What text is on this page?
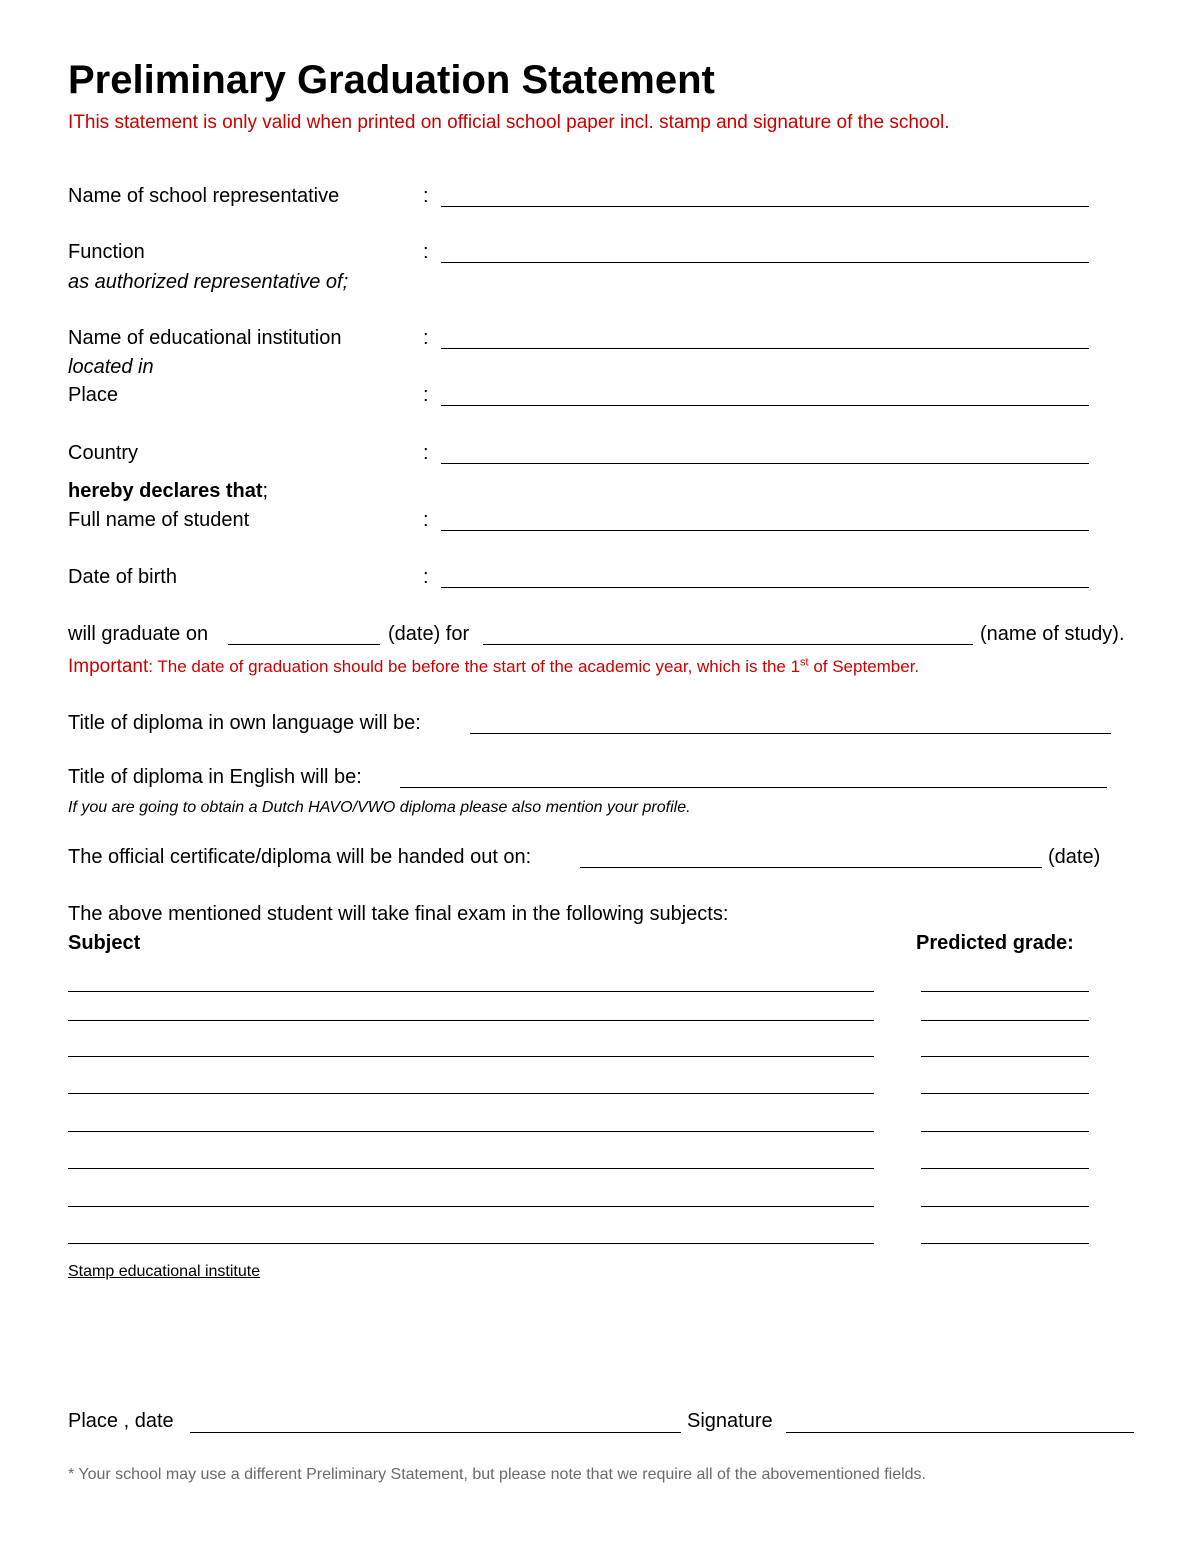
Preliminary Graduation Statement
IThis statement is only valid when printed on official school paper incl. stamp and signature of the school.
Name of school representative	:
Function	:
as authorized representative of;
Name of educational institution	:
located in
Place	:
Country	:
hereby declares that;
Full name of student	:
Date of birth	:
will graduate on	(date) for	(name of study).
Important: The date of graduation should be before the start of the academic year, which is the 1st of September.
Title of diploma in own language will be:
Title of diploma in English will be:
If you are going to obtain a Dutch HAVO/VWO diploma please also mention your profile.
The official certificate/diploma will be handed out on:	(date)
The above mentioned student will take final exam in the following subjects:
Subject	Predicted grade:
Stamp educational institute
Place , date	Signature
* Your school may use a different Preliminary Statement, but please note that we require all of the abovementioned fields.
